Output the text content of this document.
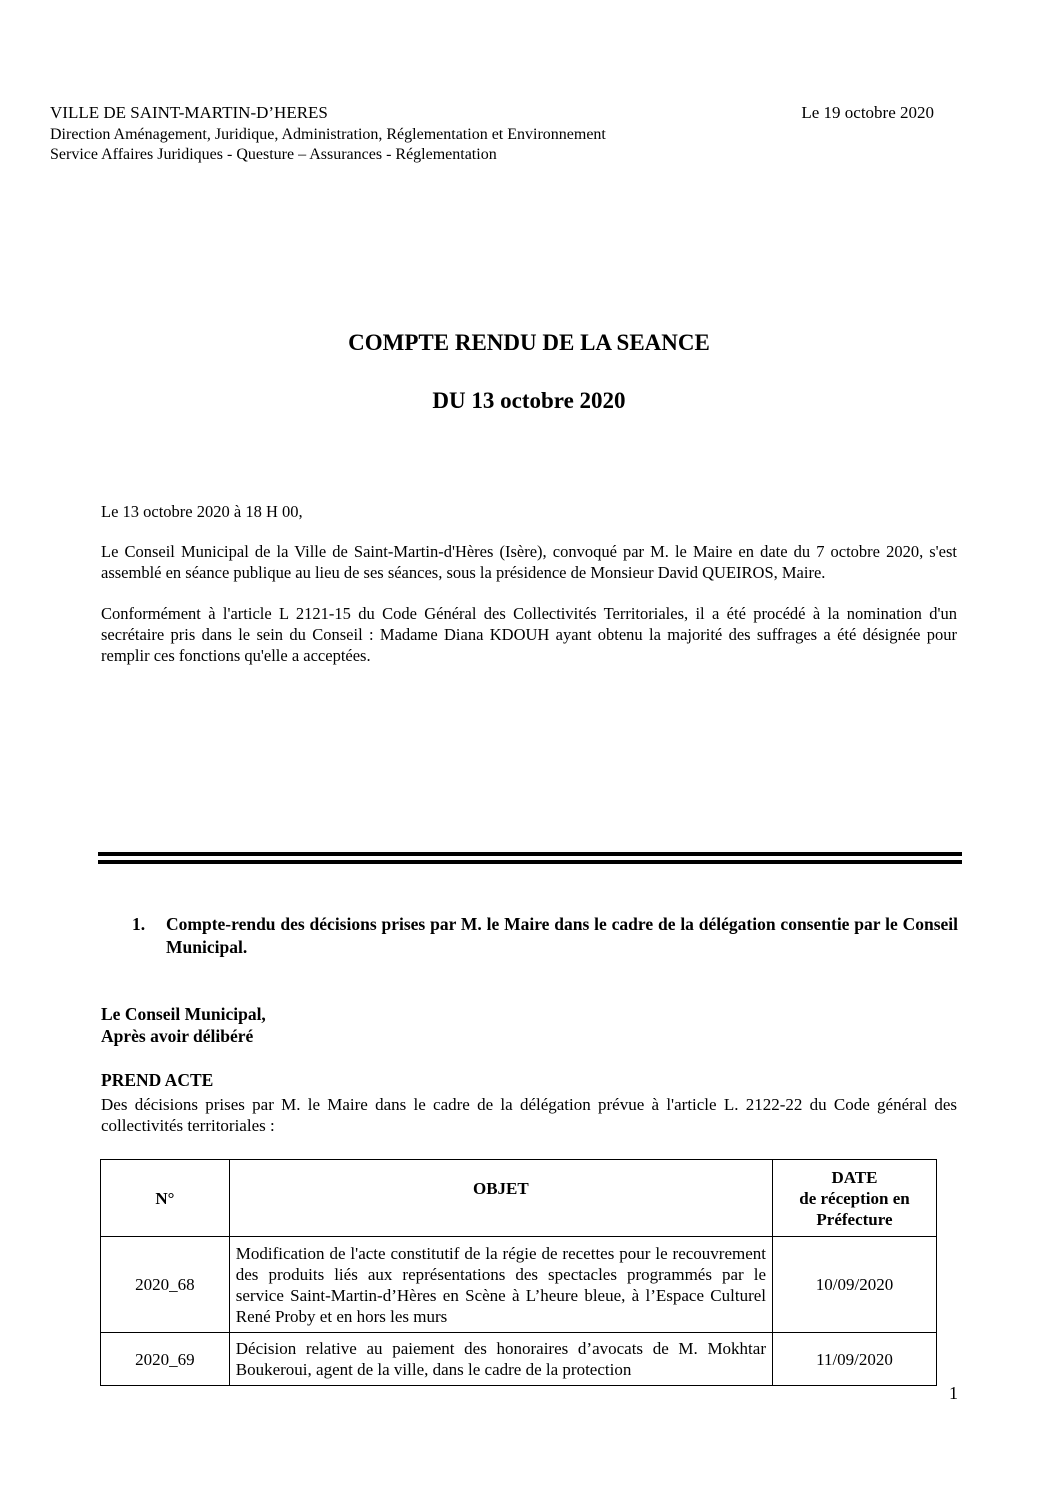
VILLE DE SAINT-MARTIN-D’HERES
Direction Aménagement, Juridique, Administration, Réglementation et Environnement
Service Affaires Juridiques - Questure – Assurances - Réglementation
Le 19 octobre 2020
COMPTE RENDU DE LA SEANCE
DU 13 octobre 2020
Le 13 octobre 2020 à 18 H 00,
Le Conseil Municipal de la Ville de Saint-Martin-d'Hères (Isère), convoqué par M. le Maire en date du 7 octobre 2020, s'est assemblé en séance publique au lieu de ses séances, sous la présidence de Monsieur David QUEIROS, Maire.
Conformément à l'article L 2121-15 du Code Général des Collectivités Territoriales, il a été procédé à la nomination d'un secrétaire pris dans le sein du Conseil : Madame Diana KDOUH ayant obtenu la majorité des suffrages a été désignée pour remplir ces fonctions qu'elle a acceptées.
1. Compte-rendu des décisions prises par M. le Maire dans le cadre de la délégation consentie par le Conseil Municipal.
Le Conseil Municipal,
Après avoir délibéré
PREND ACTE
Des décisions prises par M. le Maire dans le cadre de la délégation prévue à l'article L. 2122-22 du Code général des collectivités territoriales :
N°	OBJET	DATE
de réception en Préfecture

2020_68	Modification de l'acte constitutif de la régie de recettes pour le recouvrement des produits liés aux représentations des spectacles programmés par le service Saint-Martin-d’Hères en Scène à L’heure bleue, à l’Espace Culturel René Proby et en hors les murs	10/09/2020
2020_69	Décision relative au paiement des honoraires d’avocats de M. Mokhtar Boukeroui, agent de la ville, dans le cadre de la protection	11/09/2020
1
